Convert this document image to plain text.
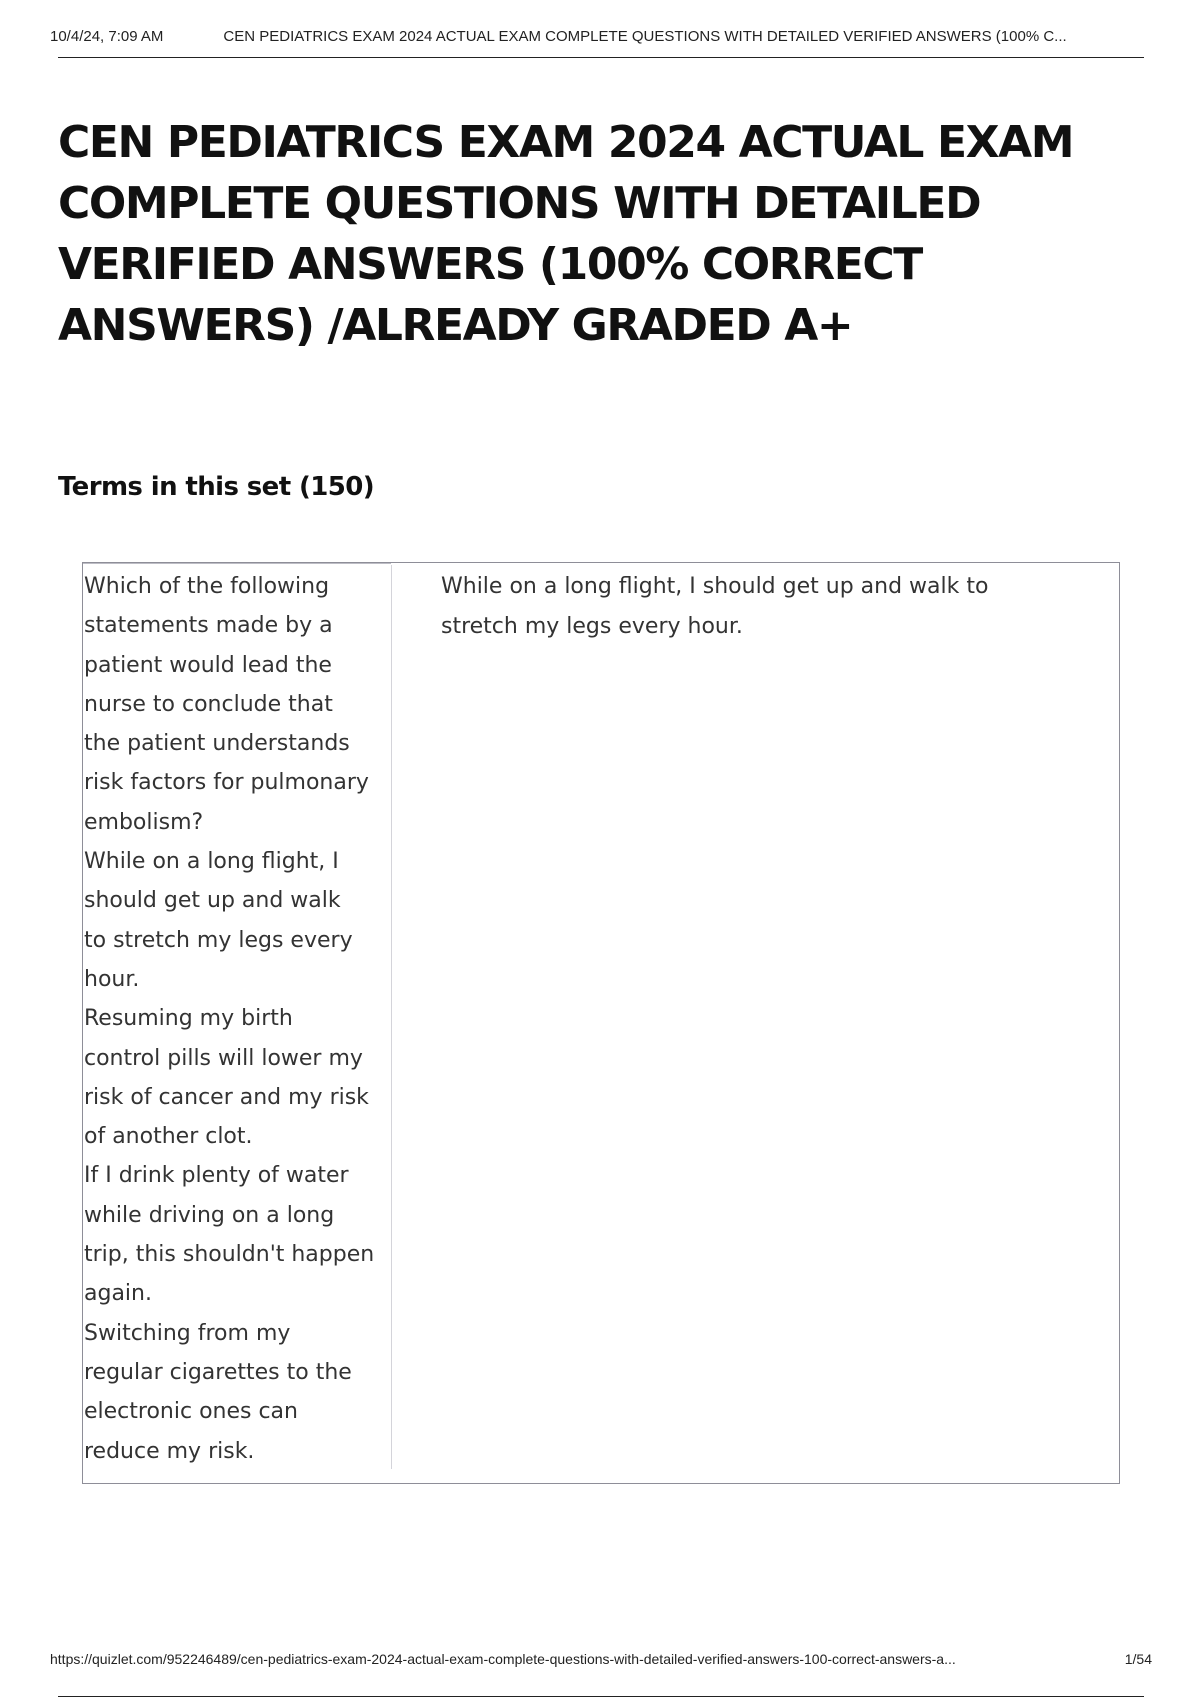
10/4/24, 7:09 AM	CEN PEDIATRICS EXAM 2024 ACTUAL EXAM COMPLETE QUESTIONS WITH DETAILED VERIFIED ANSWERS (100% C...
CEN PEDIATRICS EXAM 2024 ACTUAL EXAM
COMPLETE QUESTIONS WITH DETAILED
VERIFIED ANSWERS (100% CORRECT
ANSWERS) /ALREADY GRADED A+
Terms in this set (150)
Which of the following
statements made by a
patient would lead the
nurse to conclude that
the patient understands
risk factors for pulmonary
embolism?
While on a long flight, I
should get up and walk
to stretch my legs every
hour.
Resuming my birth
control pills will lower my
risk of cancer and my risk
of another clot.
If I drink plenty of water
while driving on a long
trip, this shouldn't happen
again.
Switching from my
regular cigarettes to the
electronic ones can
reduce my risk.
While on a long flight, I should get up and walk to
stretch my legs every hour.
https://quizlet.com/952246489/cen-pediatrics-exam-2024-actual-exam-complete-questions-with-detailed-verified-answers-100-correct-answers-a...	1/54
